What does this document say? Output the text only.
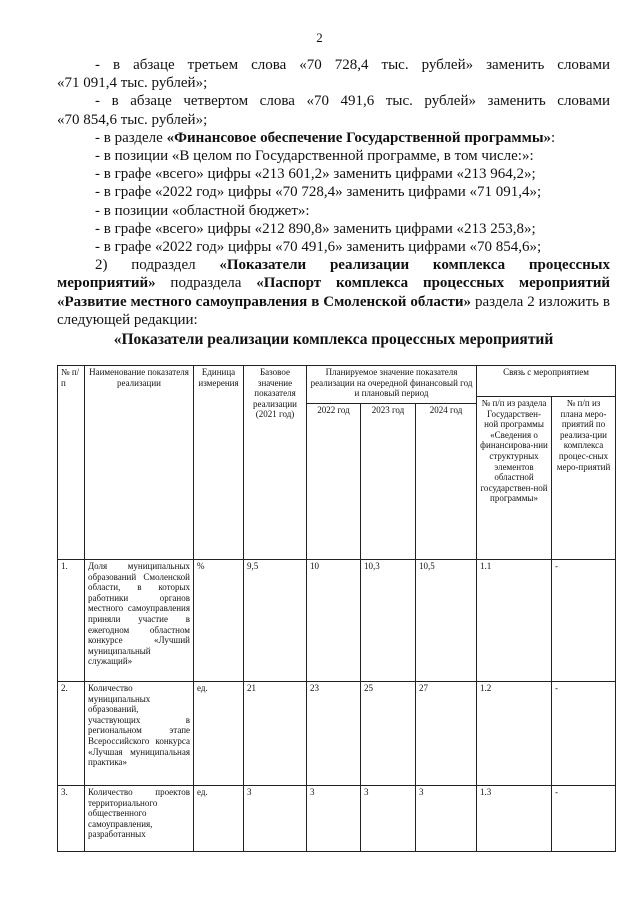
2

- в абзаце третьем слова «70 728,4 тыс. рублей» заменить словами

«71 091,4 тыс. рублей»;

- в абзаце четвертом слова «70 491,6 тыс. рублей» заменить словами

«70 854,6 тыс. рублей»;

- в разделе «Финансовое обеспечение Государственной программы»:

- в позиции «В целом по Государственной программе, в том числе:»:

- в графе «всего» цифры «213 601,2» заменить цифрами «213 964,2»;

- в графе «2022 год» цифры «70 728,4» заменить цифрами «71 091,4»;

- в позиции «областной бюджет»:

- в графе «всего» цифры «212 890,8» заменить цифрами «213 253,8»;

- в графе «2022 год» цифры «70 491,6» заменить цифрами «70 854,6»;

2) подраздел «Показатели реализации комплекса процессных мероприятий» подраздела «Паспорт комплекса процессных мероприятий «Развитие местного самоуправления в Смоленской области» раздела 2 изложить в следующей редакции:

«Показатели реализации комплекса процессных мероприятий
№ п/п	Наименование показателя реализации	Единица измерения	Базовое значение показателя реализации (2021 год)	Планируемое значение показателя реализации на очередной финансовый год и плановый период			Связь с мероприятием	
							№ п/п из раздела Государствен-ной программы «Сведения о финансирова-нии структурных элементов областной государствен-ной программы»	№ п/п из плана меро-приятий по реализа-ции комплекса процес-сных меро-приятий
				2022 год	2023 год	2024 год		
1.	Доля муниципальных образований Смоленской области, в которых работники органов местного самоуправления приняли участие в ежегодном областном конкурсе «Лучший муниципальный служащий»	%	9,5	10	10,3	10,5	1.1	-
2.	Количество муниципальных образований, участвующих в региональном этапе Всероссийского конкурса «Лучшая муниципальная практика»	ед.	21	23	25	27	1.2	-
3.	Количество проектов территориального общественного самоуправления, разработанных	ед.	3	3	3	3	1.3	-
